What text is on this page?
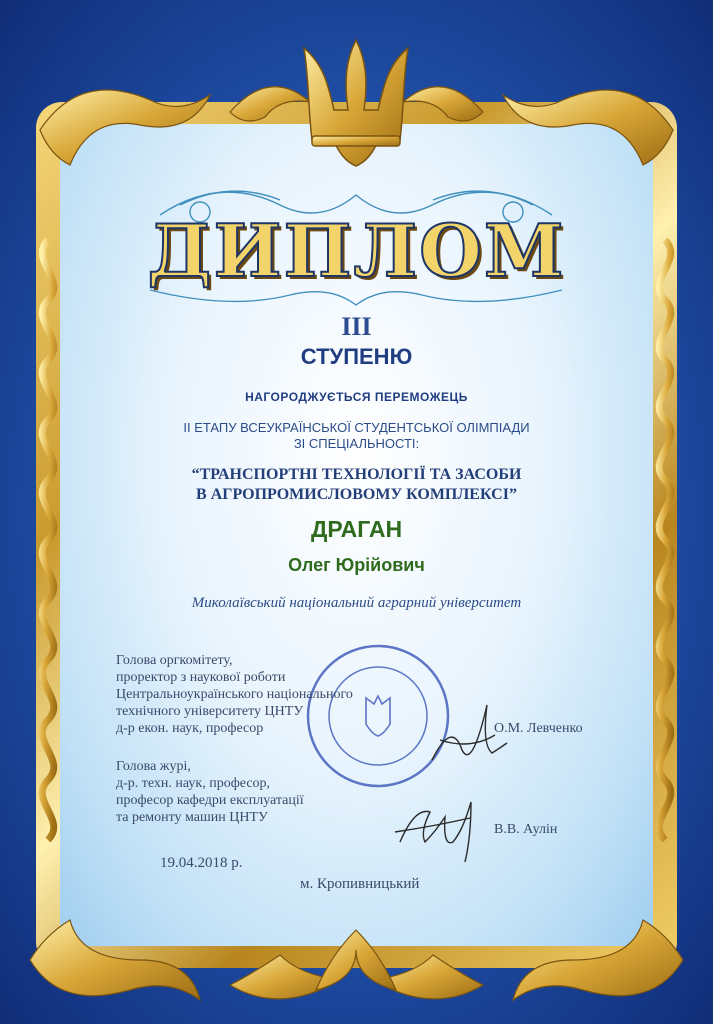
ДИПЛОМ

III

СТУПЕНЮ

НАГОРОДЖУЄТЬСЯ ПЕРЕМОЖЕЦЬ

ІІ ЕТАПУ ВСЕУКРАЇНСЬКОЇ СТУДЕНТСЬКОЇ ОЛІМПІАДИ

ЗІ СПЕЦІАЛЬНОСТІ:

“ТРАНСПОРТНІ ТЕХНОЛОГІЇ ТА ЗАСОБИ

В АГРОПРОМИСЛОВОМУ КОМПЛЕКСІ”

ДРАГАН

Олег Юрійович

Миколаївський національний аграрний університет

Голова оргкомітету,
проректор з наукової роботи
Центральноукраїнського національного
технічного університету ЦНТУ
д-р екон. наук, професор	О.М. Левченко

Голова журі,
д-р. техн. наук, професор,
професор кафедри експлуатації
та ремонту машин ЦНТУ

В.В. Аулін

19.04.2018 р.

м. Кропивницький
